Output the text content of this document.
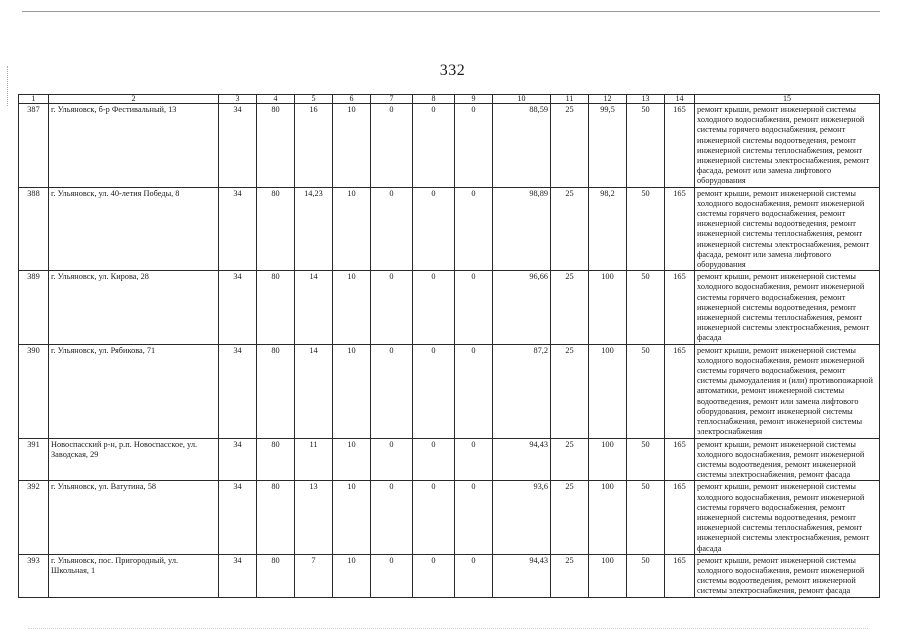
332
1	2	3	4	5	6	7	8	9	10	11	12	13	14	15
387	г. Ульяновск, б-р Фестивальный, 13	34	80	16	10	0	0	0	88,59	25	99,5	50	165	ремонт крыши, ремонт инженерной системы холодного водоснабжения, ремонт инженерной системы горячего водоснабжения, ремонт инженерной системы водоотведения, ремонт инженерной системы теплоснабжения, ремонт инженерной системы электроснабжения, ремонт фасада, ремонт или замена лифтового оборудования
388	г. Ульяновск, ул. 40-летия Победы, 8	34	80	14,23	10	0	0	0	98,89	25	98,2	50	165	ремонт крыши, ремонт инженерной системы холодного водоснабжения, ремонт инженерной системы горячего водоснабжения, ремонт инженерной системы водоотведения, ремонт инженерной системы теплоснабжения, ремонт инженерной системы электроснабжения, ремонт фасада, ремонт или замена лифтового оборудования
389	г. Ульяновск, ул. Кирова, 28	34	80	14	10	0	0	0	96,66	25	100	50	165	ремонт крыши, ремонт инженерной системы холодного водоснабжения, ремонт инженерной системы горячего водоснабжения, ремонт инженерной системы водоотведения, ремонт инженерной системы теплоснабжения, ремонт инженерной системы электроснабжения, ремонт фасада
390	г. Ульяновск, ул. Рябикова, 71	34	80	14	10	0	0	0	87,2	25	100	50	165	ремонт крыши, ремонт инженерной системы холодного водоснабжения, ремонт инженерной системы горячего водоснабжения, ремонт системы дымоудаления и (или) противопожарной автоматики, ремонт инженерной системы водоотведения, ремонт или замена лифтового оборудования, ремонт инженерной системы теплоснабжения, ремонт инженерной системы электроснабжения
391	Новоспасский р-н, р.п. Новоспасское, ул. Заводская, 29	34	80	11	10	0	0	0	94,43	25	100	50	165	ремонт крыши, ремонт инженерной системы холодного водоснабжения, ремонт инженерной системы водоотведения, ремонт инженерной системы электроснабжения, ремонт фасада
392	г. Ульяновск, ул. Ватутина, 58	34	80	13	10	0	0	0	93,6	25	100	50	165	ремонт крыши, ремонт инженерной системы холодного водоснабжения, ремонт инженерной системы горячего водоснабжения, ремонт инженерной системы водоотведения, ремонт инженерной системы теплоснабжения, ремонт инженерной системы электроснабжения, ремонт фасада
393	г. Ульяновск, пос. Пригородный, ул. Школьная, 1	34	80	7	10	0	0	0	94,43	25	100	50	165	ремонт крыши, ремонт инженерной системы холодного водоснабжения, ремонт инженерной системы водоотведения, ремонт инженерной системы электроснабжения, ремонт фасада
